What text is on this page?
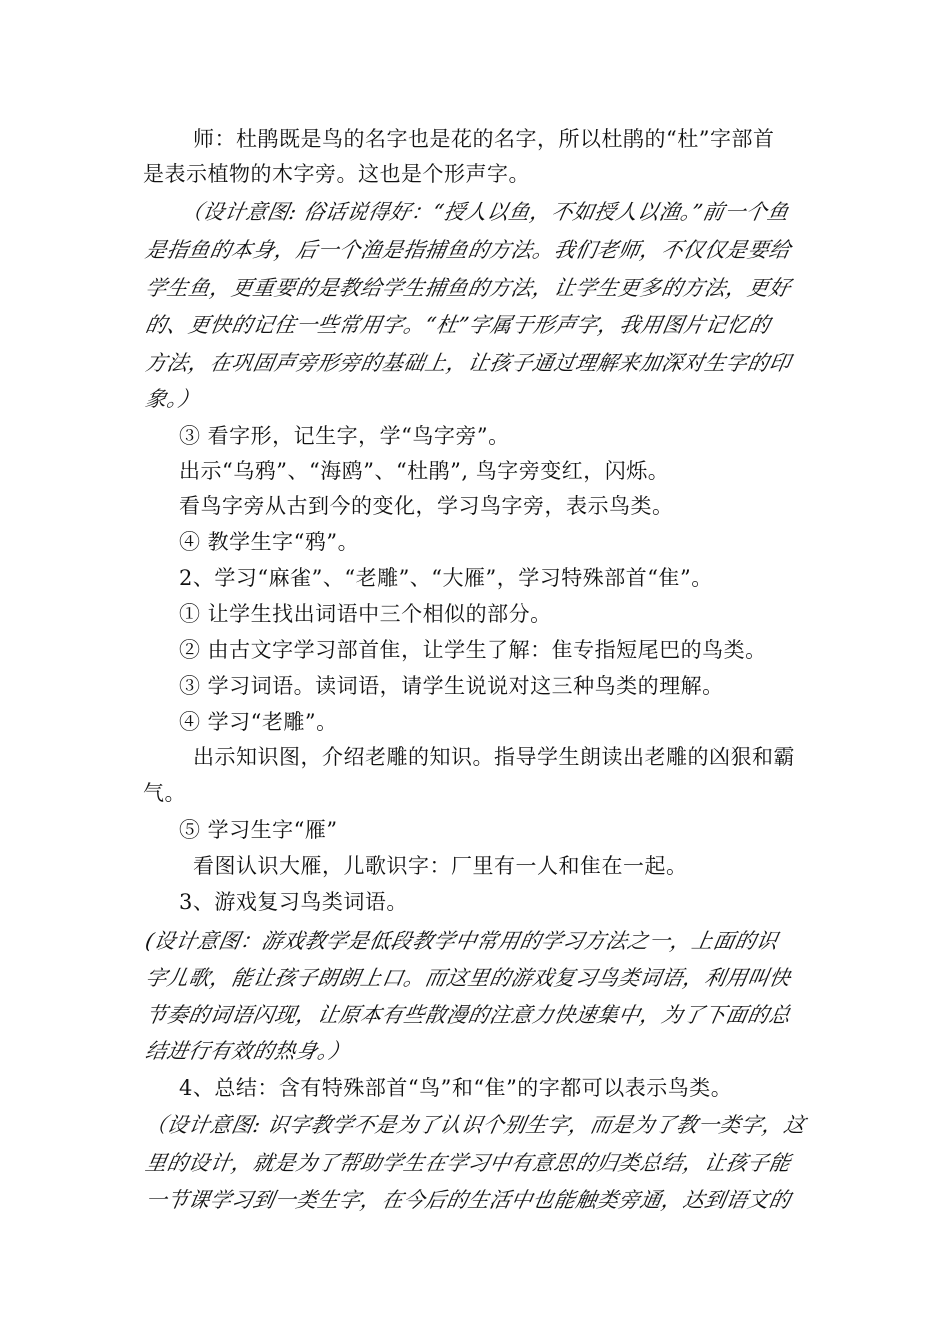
师：杜鹃既是鸟的名字也是花的名字，所以杜鹃的“杜”字部首
是表示植物的木字旁。这也是个形声字。
（设计意图: 俗话说得好：“授人以鱼，不如授人以渔。”前一个鱼
是指鱼的本身，后一个渔是指捕鱼的方法。我们老师，不仅仅是要给
学生鱼，更重要的是教给学生捕鱼的方法，让学生更多的方法，更好
的、更快的记住一些常用字。“杜”字属于形声字，我用图片记忆的
方法，在巩固声旁形旁的基础上，让孩子通过理解来加深对生字的印
象。）
③ 看字形，记生字，学“鸟字旁”。
出示“乌鸦”、“海鸥”、“杜鹃”, 鸟字旁变红，闪烁。
看鸟字旁从古到今的变化，学习鸟字旁，表示鸟类。
④ 教学生字“鸦”。
2、学习“麻雀”、“老雕”、“大雁”，学习特殊部首“隹”。
① 让学生找出词语中三个相似的部分。
② 由古文字学习部首隹，让学生了解：隹专指短尾巴的鸟类。
③ 学习词语。读词语，请学生说说对这三种鸟类的理解。
④ 学习“老雕”。
出示知识图，介绍老雕的知识。指导学生朗读出老雕的凶狠和霸
气。
⑤ 学习生字“雁”
看图认识大雁，儿歌识字：厂里有一人和隹在一起。
3、游戏复习鸟类词语。
(设计意图：游戏教学是低段教学中常用的学习方法之一，上面的识
字儿歌，能让孩子朗朗上口。而这里的游戏复习鸟类词语，利用叫快
节奏的词语闪现，让原本有些散漫的注意力快速集中，为了下面的总
结进行有效的热身。）
4、总结：含有特殊部首“鸟”和“隹”的字都可以表示鸟类。
（设计意图: 识字教学不是为了认识个别生字，而是为了教一类字，这
里的设计，就是为了帮助学生在学习中有意思的归类总结，让孩子能
一节课学习到一类生字，在今后的生活中也能触类旁通，达到语文的
